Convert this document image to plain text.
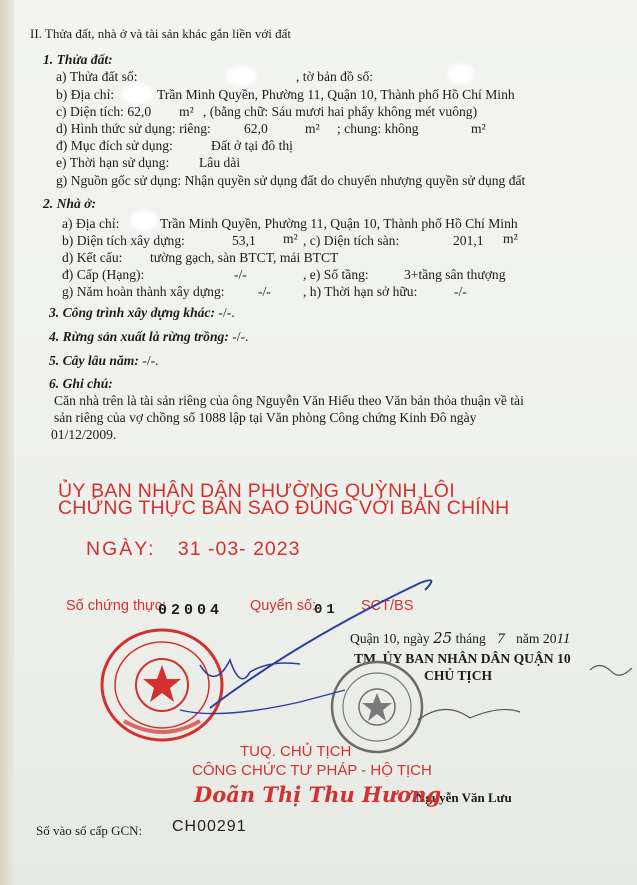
II. Thửa đất, nhà ở và tài sản khác gắn liền với đất
1. Thửa đất:
a) Thửa đất số:	, tờ bản đồ số:
b) Địa chỉ:	Trần Minh Quyền, Phường 11, Quận 10, Thành phố Hồ Chí Minh
c) Diện tích: 62,0 m² , (bằng chữ: Sáu mươi hai phẩy không mét vuông)
d) Hình thức sử dụng: riêng: 62,0	m² ; chung: không	m²
đ) Mục đích sử dụng:	Đất ở tại đô thị
e) Thời hạn sử dụng: Lâu dài
g) Nguồn gốc sử dụng: Nhận quyền sử dụng đất do chuyển nhượng quyền sử dụng đất
2. Nhà ở:
a) Địa chỉ:	Trần Minh Quyền, Phường 11, Quận 10, Thành phố Hồ Chí Minh
b) Diện tích xây dựng:	53,1 m² , c) Diện tích sàn:	201,1 m²
d) Kết cấu: tường gạch, sàn BTCT, mái BTCT
đ) Cấp (Hạng):	-/-	, e) Số tầng:	3+tầng sân thượng
g) Năm hoàn thành xây dựng: -/- , h) Thời hạn sở hữu:	-/-
3. Công trình xây dựng khác: -/-.
4. Rừng sản xuất là rừng trồng: -/-.
5. Cây lâu năm: -/-.
6. Ghi chú:
Căn nhà trên là tài sản riêng của ông Nguyễn Văn Hiếu theo Văn bản thỏa thuận về tài
sản riêng của vợ chồng số 1088 lập tại Văn phòng Công chứng Kinh Đô ngày
01/12/2009.
ỦY BAN NHÂN DÂN PHƯỜNG QUỲNH LÔI
CHỨNG THỰC BẢN SAO ĐÚNG VỚI BẢN CHÍNH
NGÀY: 31 -03- 2023
Số chứng thực:
02004 Quyển số:
01 SCT/BS
Quận 10, ngày 25 tháng 7 năm 2011
TM. ỦY BAN NHÂN DÂN QUẬN 10
CHỦ TỊCH
Nguyễn Văn Lưu
TUQ. CHỦ TỊCH
CÔNG CHỨC TƯ PHÁP - HỘ TỊCH
Doãn Thị Thu Hương
Số vào sổ cấp GCN: CH00291
